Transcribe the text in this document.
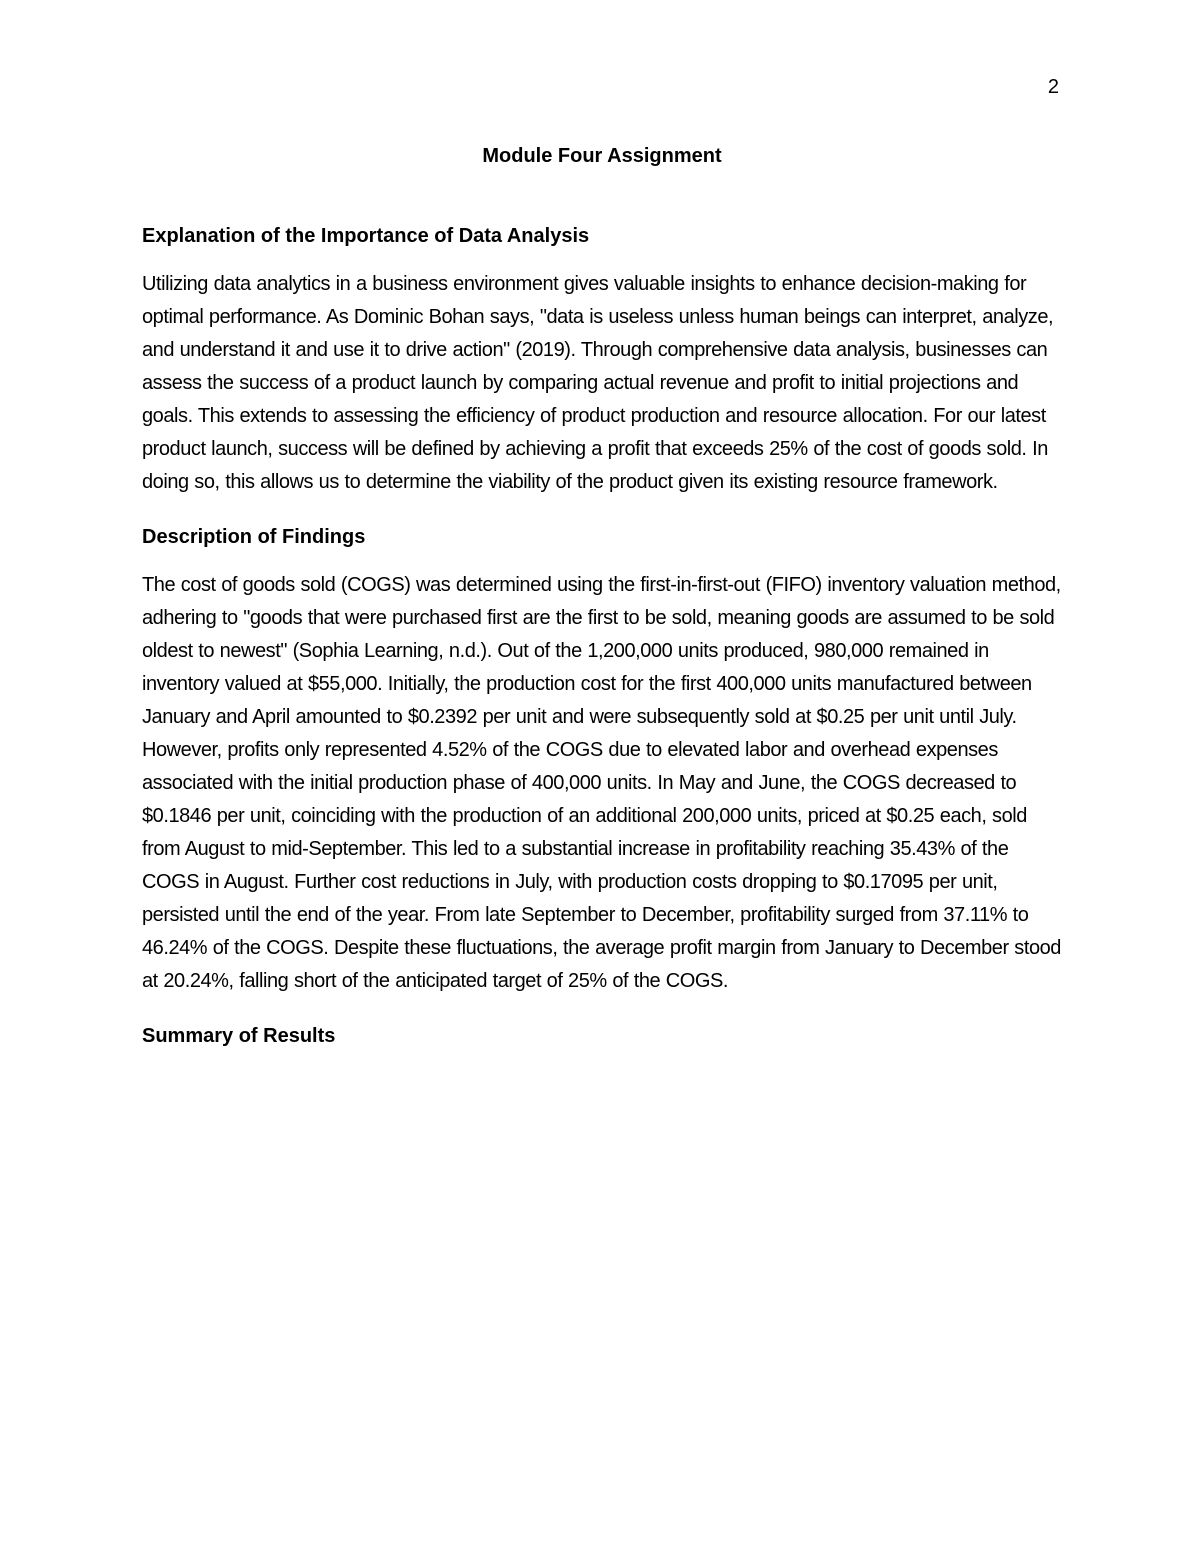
2
Module Four Assignment
Explanation of the Importance of Data Analysis

Utilizing data analytics in a business environment gives valuable insights to enhance decision-making for optimal performance. As Dominic Bohan says, "data is useless unless human beings can interpret, analyze, and understand it and use it to drive action" (2019). Through comprehensive data analysis, businesses can assess the success of a product launch by comparing actual revenue and profit to initial projections and goals. This extends to assessing the efficiency of product production and resource allocation. For our latest product launch, success will be defined by achieving a profit that exceeds 25% of the cost of goods sold. In doing so, this allows us to determine the viability of the product given its existing resource framework.

Description of Findings

The cost of goods sold (COGS) was determined using the first-in-first-out (FIFO) inventory valuation method, adhering to "goods that were purchased first are the first to be sold, meaning goods are assumed to be sold oldest to newest" (Sophia Learning, n.d.). Out of the 1,200,000 units produced, 980,000 remained in inventory valued at $55,000. Initially, the production cost for the first 400,000 units manufactured between January and April amounted to $0.2392 per unit and were subsequently sold at $0.25 per unit until July. However, profits only represented 4.52% of the COGS due to elevated labor and overhead expenses associated with the initial production phase of 400,000 units. In May and June, the COGS decreased to $0.1846 per unit, coinciding with the production of an additional 200,000 units, priced at $0.25 each, sold from August to mid-September. This led to a substantial increase in profitability reaching 35.43% of the COGS in August. Further cost reductions in July, with production costs dropping to $0.17095 per unit, persisted until the end of the year. From late September to December, profitability surged from 37.11% to 46.24% of the COGS. Despite these fluctuations, the average profit margin from January to December stood at 20.24%, falling short of the anticipated target of 25% of the COGS.

Summary of Results
